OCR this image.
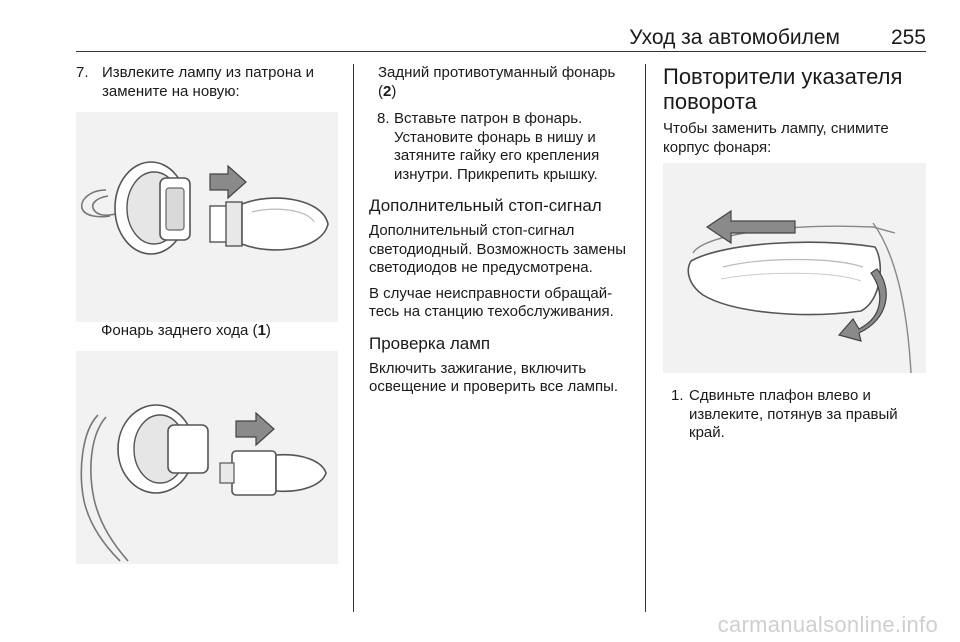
Уход за автомобилем 255
7. Извлеките лампу из патрона и замените на новую:
Фонарь заднего хода (1)
Задний противотуманный фонарь (2)
8. Вставьте патрон в фонарь. Установите фонарь в нишу и затяните гайку его крепления изнутри. Прикрепить крышку.
Дополнительный стоп-сигнал

Дополнительный стоп-сигнал светодиодный. Возможность замены светодиодов не предусмотрена.

В случае неисправности обращайтесь на станцию техобслуживания.

Проверка ламп

Включить зажигание, включить освещение и проверить все лампы.

Повторители указателя поворота

Чтобы заменить лампу, снимите корпус фонаря:

1. Сдвиньте плафон влево и извлеките, потянув за правый край.
carmanualsonline.info
